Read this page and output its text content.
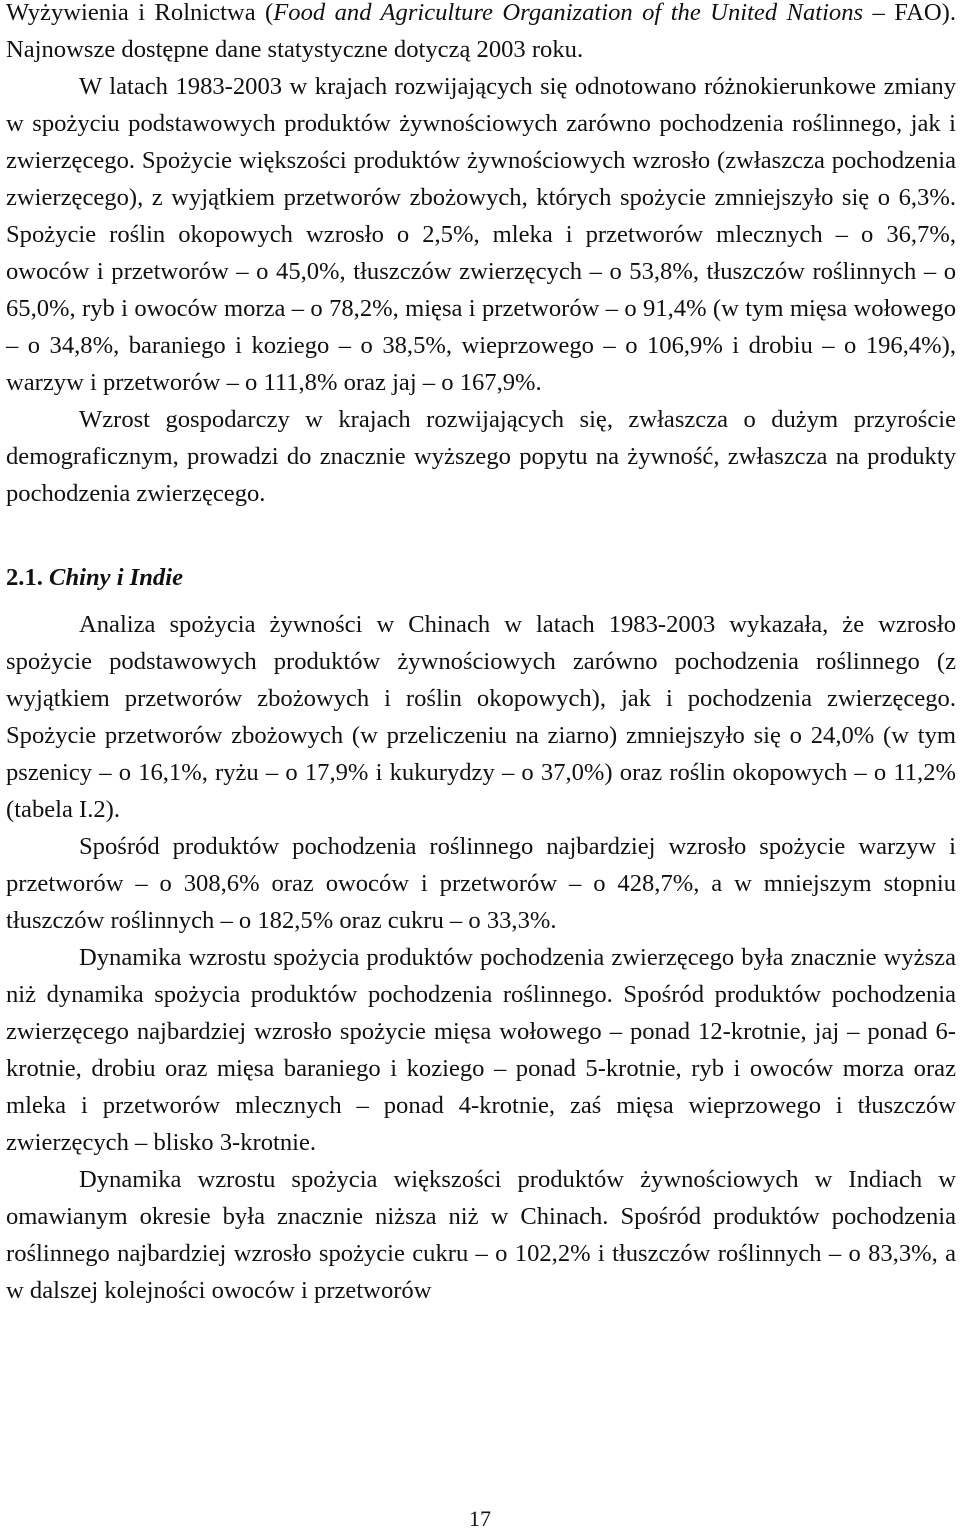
Wyżywienia i Rolnictwa (Food and Agriculture Organization of the United Nations – FAO). Najnowsze dostępne dane statystyczne dotyczą 2003 roku.

W latach 1983-2003 w krajach rozwijających się odnotowano różnokierunkowe zmiany w spożyciu podstawowych produktów żywnościowych zarówno pochodzenia roślinnego, jak i zwierzęcego. Spożycie większości produktów żywnościowych wzrosło (zwłaszcza pochodzenia zwierzęcego), z wyjątkiem przetworów zbożowych, których spożycie zmniejszyło się o 6,3%. Spożycie roślin okopowych wzrosło o 2,5%, mleka i przetworów mlecznych – o 36,7%, owoców i przetworów – o 45,0%, tłuszczów zwierzęcych – o 53,8%, tłuszczów roślinnych – o 65,0%, ryb i owoców morza – o 78,2%, mięsa i przetworów – o 91,4% (w tym mięsa wołowego – o 34,8%, baraniego i koziego – o 38,5%, wieprzowego – o 106,9% i drobiu – o 196,4%), warzyw i przetworów – o 111,8% oraz jaj – o 167,9%.

Wzrost gospodarczy w krajach rozwijających się, zwłaszcza o dużym przyroście demograficznym, prowadzi do znacznie wyższego popytu na żywność, zwłaszcza na produkty pochodzenia zwierzęcego.

2.1. Chiny i Indie

Analiza spożycia żywności w Chinach w latach 1983-2003 wykazała, że wzrosło spożycie podstawowych produktów żywnościowych zarówno pochodzenia roślinnego (z wyjątkiem przetworów zbożowych i roślin okopowych), jak i pochodzenia zwierzęcego. Spożycie przetworów zbożowych (w przeliczeniu na ziarno) zmniejszyło się o 24,0% (w tym pszenicy – o 16,1%, ryżu – o 17,9% i kukurydzy – o 37,0%) oraz roślin okopowych – o 11,2% (tabela I.2).

Spośród produktów pochodzenia roślinnego najbardziej wzrosło spożycie warzyw i przetworów – o 308,6% oraz owoców i przetworów – o 428,7%, a w mniejszym stopniu tłuszczów roślinnych – o 182,5% oraz cukru – o 33,3%.

Dynamika wzrostu spożycia produktów pochodzenia zwierzęcego była znacznie wyższa niż dynamika spożycia produktów pochodzenia roślinnego. Spośród produktów pochodzenia zwierzęcego najbardziej wzrosło spożycie mięsa wołowego – ponad 12-krotnie, jaj – ponad 6-krotnie, drobiu oraz mięsa baraniego i koziego – ponad 5-krotnie, ryb i owoców morza oraz mleka i przetworów mlecznych – ponad 4-krotnie, zaś mięsa wieprzowego i tłuszczów zwierzęcych – blisko 3-krotnie.

Dynamika wzrostu spożycia większości produktów żywnościowych w Indiach w omawianym okresie była znacznie niższa niż w Chinach. Spośród produktów pochodzenia roślinnego najbardziej wzrosło spożycie cukru – o 102,2% i tłuszczów roślinnych – o 83,3%, a w dalszej kolejności owoców i przetworów

17
